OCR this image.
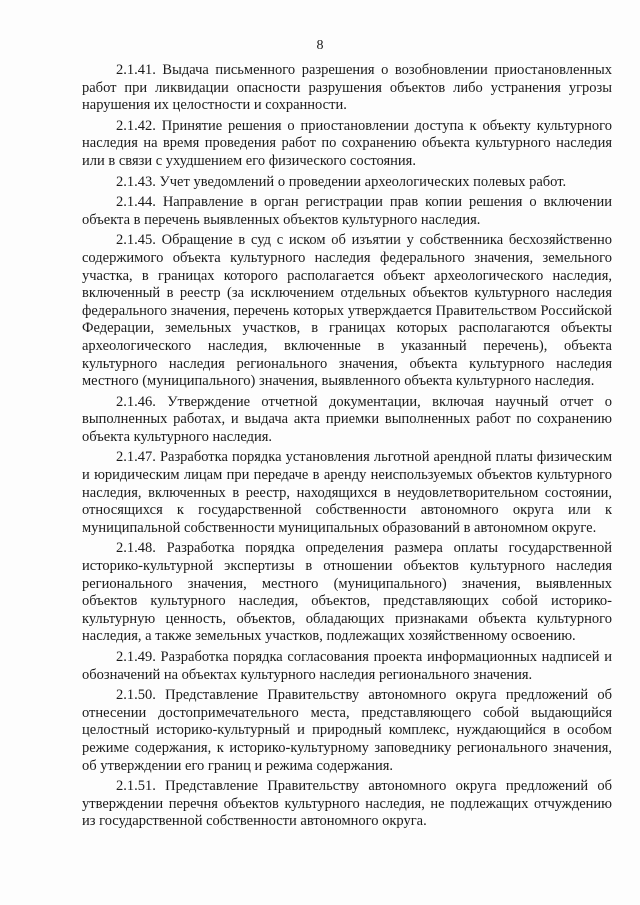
8

2.1.41. Выдача письменного разрешения о возобновлении приостановленных работ при ликвидации опасности разрушения объектов либо устранения угрозы нарушения их целостности и сохранности.

2.1.42. Принятие решения о приостановлении доступа к объекту культурного наследия на время проведения работ по сохранению объекта культурного наследия или в связи с ухудшением его физического состояния.

2.1.43. Учет уведомлений о проведении археологических полевых работ.

2.1.44. Направление в орган регистрации прав копии решения о включении объекта в перечень выявленных объектов культурного наследия.

2.1.45. Обращение в суд с иском об изъятии у собственника бесхозяйственно содержимого объекта культурного наследия федерального значения, земельного участка, в границах которого располагается объект археологического наследия, включенный в реестр (за исключением отдельных объектов культурного наследия федерального значения, перечень которых утверждается Правительством Российской Федерации, земельных участков, в границах которых располагаются объекты археологического наследия, включенные в указанный перечень), объекта культурного наследия регионального значения, объекта культурного наследия местного (муниципального) значения, выявленного объекта культурного наследия.

2.1.46. Утверждение отчетной документации, включая научный отчет о выполненных работах, и выдача акта приемки выполненных работ по сохранению объекта культурного наследия.

2.1.47. Разработка порядка установления льготной арендной платы физическим и юридическим лицам при передаче в аренду неиспользуемых объектов культурного наследия, включенных в реестр, находящихся в неудовлетворительном состоянии, относящихся к государственной собственности автономного округа или к муниципальной собственности муниципальных образований в автономном округе.

2.1.48. Разработка порядка определения размера оплаты государственной историко-культурной экспертизы в отношении объектов культурного наследия регионального значения, местного (муниципального) значения, выявленных объектов культурного наследия, объектов, представляющих собой историко-культурную ценность, объектов, обладающих признаками объекта культурного наследия, а также земельных участков, подлежащих хозяйственному освоению.

2.1.49. Разработка порядка согласования проекта информационных надписей и обозначений на объектах культурного наследия регионального значения.

2.1.50. Представление Правительству автономного округа предложений об отнесении достопримечательного места, представляющего собой выдающийся целостный историко-культурный и природный комплекс, нуждающийся в особом режиме содержания, к историко-культурному заповеднику регионального значения, об утверждении его границ и режима содержания.

2.1.51. Представление Правительству автономного округа предложений об утверждении перечня объектов культурного наследия, не подлежащих отчуждению из государственной собственности автономного округа.
